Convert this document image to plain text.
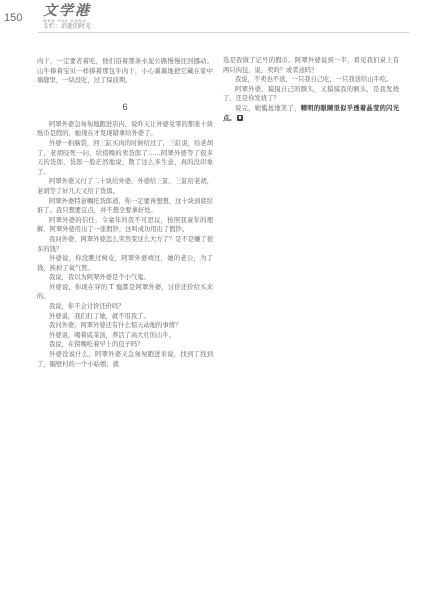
150 文学港
WEN XUE GANG
专栏：消逝的时光

肉干，一定要省着吃，他们沿着那条水泥公路慢慢往回挪动。山牛捧着宝贝一样捧着那包牛肉干，小心翼翼地把它藏在家中墙缝里，一块没吃，过了保质期。

6

阿翠外婆急匆匆地跑进店内，说昨天让外婆兑零的那张十块纸币是假的，她现在才发现错拿给外婆了。

外婆一拍脑袋，回三缸买肉的时候给过了，三缸说，给老胡了，老胡咬死一问，给傍晚的卖货郎了……阿翠外婆等了很多天的货郎，货郎一脸茫然地说，散了这么多生意，真的没印象了。

阿翠外婆又付了二十块给外婆，外婆给三缸，三缸给老胡，老胡等了好几天又给了货郎。

阿翠外婆特意嘱托货郎道，你一定要再想想，这十块到底给谁了。我只想要宜点，并不想全要拿好处。

阿翠外婆的信任，令童年的我不可思议，按照我童年的理解，阿翠外婆用出了一张假钞，这叫成功用出了假钞。

我问外婆，阿翠外婆怎么突然变这么大方了？是不是赚了很多的钱？

外婆说，你没瞧过树皮，阿翠外婆靖过，她的老公，为了钱，挨掉了氧气管。

我说，我以为阿翠外婆是个小气鬼。

外婆说，你现在穿的 T 恤都是阿翠外婆，讨价还价给买来的。

我说，你不会讨价还价吗？

外婆说，我们打了她，就不用我了。

我问外婆，阿翠外婆还有什么惊天动地的事情？

外婆说，喝着咸菜汤，养活了高大壮的山牛。

我说，在傍晚吃着早上的包子吗？

外婆没说什么，阿翠外婆又急匆匆跑进来说，找到了找到了，隔壁村的一个小姑娘，就

选是我做了记号的假币。阿翠外婆说到一半，看见我们桌上有两只肉包，说，卖吗？或者送吗？

我说，不卖也不送，一只我自己吃，一只我送给山牛吃。

阿翠外婆，摸摸自己的额头，又摸摸我的额头，是我发烧了，还是你发烧了？

说完，她尴尬地笑了，精明的眼睛里似乎透着晶莹的闪光点。
